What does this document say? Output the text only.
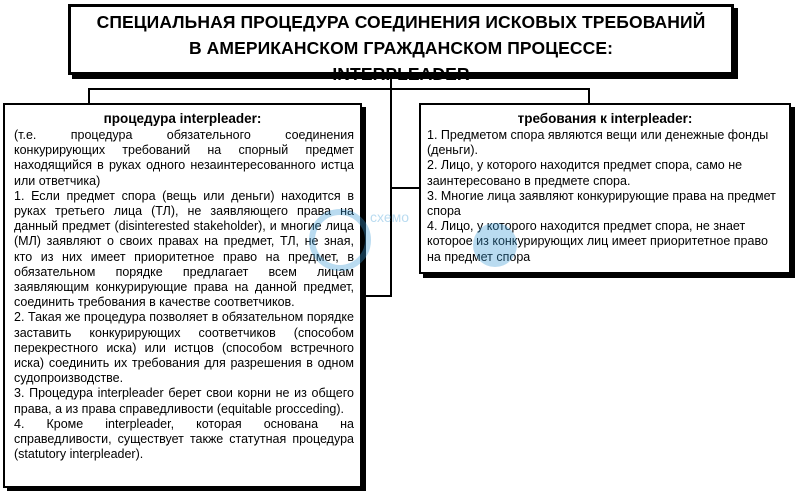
СПЕЦИАЛЬНАЯ ПРОЦЕДУРА СОЕДИНЕНИЯ ИСКОВЫХ ТРЕБОВАНИЙ
В АМЕРИКАНСКОМ ГРАЖДАНСКОМ ПРОЦЕССЕ:
INTERPLEADER
процедура interpleader:

(т.е. процедура обязательного соединения конкурирующих требований на спорный предмет находящийся в руках одного незаинтересованного истца или ответчика)

1. Если предмет спора (вещь или деньги) находится в руках третьего лица (ТЛ), не заявляющего права на данный предмет (disinterested stakeholder), и многие лица (МЛ) заявляют о своих правах на предмет, ТЛ, не зная, кто из них имеет приоритетное право на предмет, в обязательном порядке предлагает всем лицам заявляющим конкурирующие права на данной предмет, соединить требования в качестве соответчиков.

2. Такая же процедура позволяет в обязательном порядке заставить конкурирующих соответчиков (способом перекрестного иска) или истцов (способом встречного иска) соединить их требования для разрешения в одном судопроизводстве.

3. Процедура interpleader берет свои корни не из общего права, а из права справедливости (equitable procceding).

4. Кроме interpleader, которая основана на справедливости, существует также статутная процедура (statutory interpleader).

требования к interpleader:

1. Предметом спора являются вещи или денежные фонды (деньги).

2. Лицо, у которого находится предмет спора, само не заинтересовано в предмете спора.

3. Многие лица заявляют конкурирующие права на предмет спора

4. Лицо, у которого находится предмет спора, не знает которое из конкурирующих лиц имеет приоритетное право на предмет спора

схемо
